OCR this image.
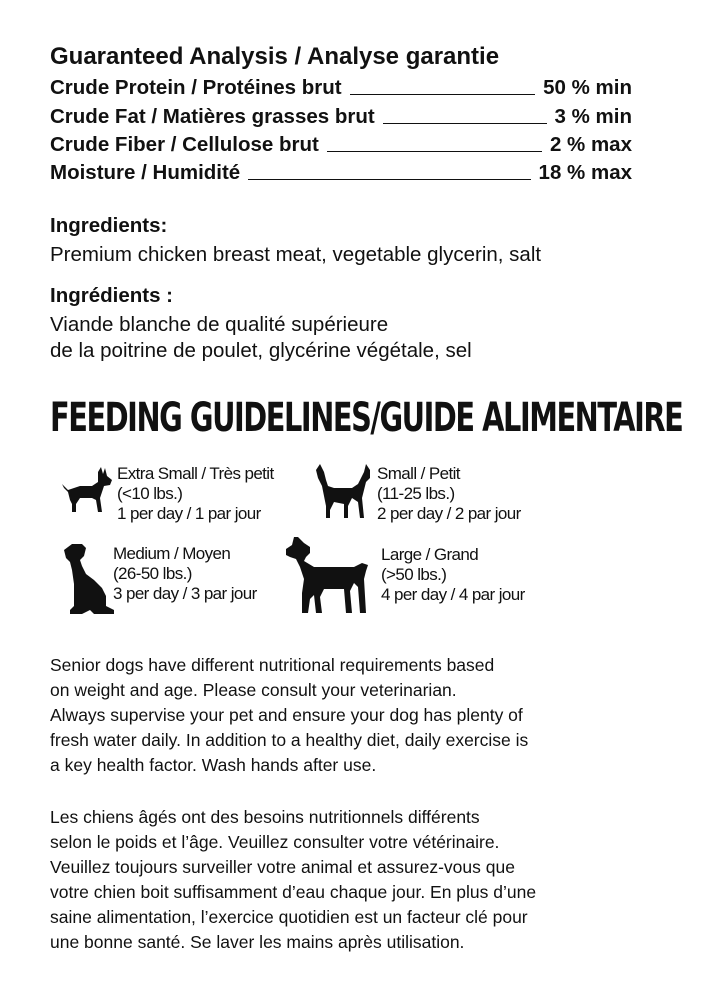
Guaranteed Analysis / Analyse garantie
Crude Protein / Protéines brut	50 % min
Crude Fat / Matières grasses brut	3 % min
Crude Fiber / Cellulose brut	2 % max
Moisture / Humidité	18 % max
Ingredients:
Premium chicken breast meat, vegetable glycerin, salt
Ingrédients :
Viande blanche de qualité supérieure
de la poitrine de poulet, glycérine végétale, sel
FEEDING GUIDELINES/GUIDE ALIMENTAIRE
Extra Small / Très petit
(<10 lbs.)
1 per day / 1 par jour
Small / Petit
(11-25 lbs.)
2 per day / 2 par jour
Medium / Moyen
(26-50 lbs.)
3 per day / 3 par jour
Large / Grand
(>50 lbs.)
4 per day / 4 par jour
Senior dogs have different nutritional requirements based
on weight and age. Please consult your veterinarian.
Always supervise your pet and ensure your dog has plenty of
fresh water daily. In addition to a healthy diet, daily exercise is
a key health factor. Wash hands after use.
Les chiens âgés ont des besoins nutritionnels différents
selon le poids et l’âge. Veuillez consulter votre vétérinaire.
Veuillez toujours surveiller votre animal et assurez-vous que
votre chien boit suffisamment d’eau chaque jour. En plus d’une
saine alimentation, l’exercice quotidien est un facteur clé pour
une bonne santé. Se laver les mains après utilisation.
